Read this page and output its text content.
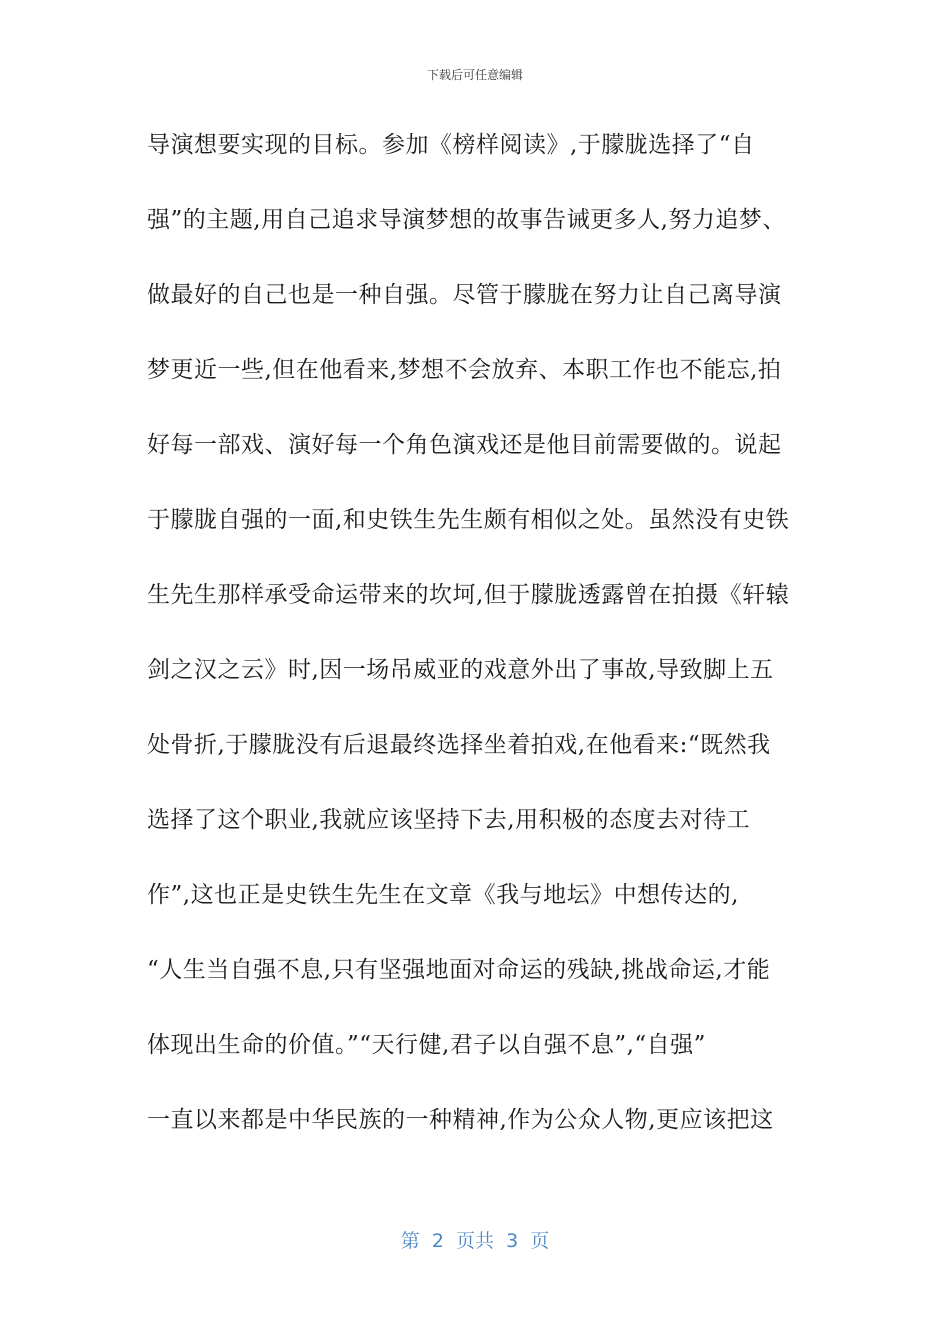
下载后可任意编辑
导演想要实现的目标。参加《榜样阅读》,于朦胧选择了“自
强”的主题,用自己追求导演梦想的故事告诫更多人,努力追梦、
做最好的自己也是一种自强。尽管于朦胧在努力让自己离导演
梦更近一些,但在他看来,梦想不会放弃、本职工作也不能忘,拍
好每一部戏、演好每一个角色演戏还是他目前需要做的。说起
于朦胧自强的一面,和史铁生先生颇有相似之处。虽然没有史铁
生先生那样承受命运带来的坎坷,但于朦胧透露曾在拍摄《轩辕
剑之汉之云》时,因一场吊威亚的戏意外出了事故,导致脚上五
处骨折,于朦胧没有后退最终选择坐着拍戏,在他看来:“既然我
选择了这个职业,我就应该坚持下去,用积极的态度去对待工
作”,这也正是史铁生先生在文章《我与地坛》中想传达的,
“人生当自强不息,只有坚强地面对命运的残缺,挑战命运,才能
体现出生命的价值。”“天行健,君子以自强不息”,“自强”
一直以来都是中华民族的一种精神,作为公众人物,更应该把这
第  2  页共  3  页
